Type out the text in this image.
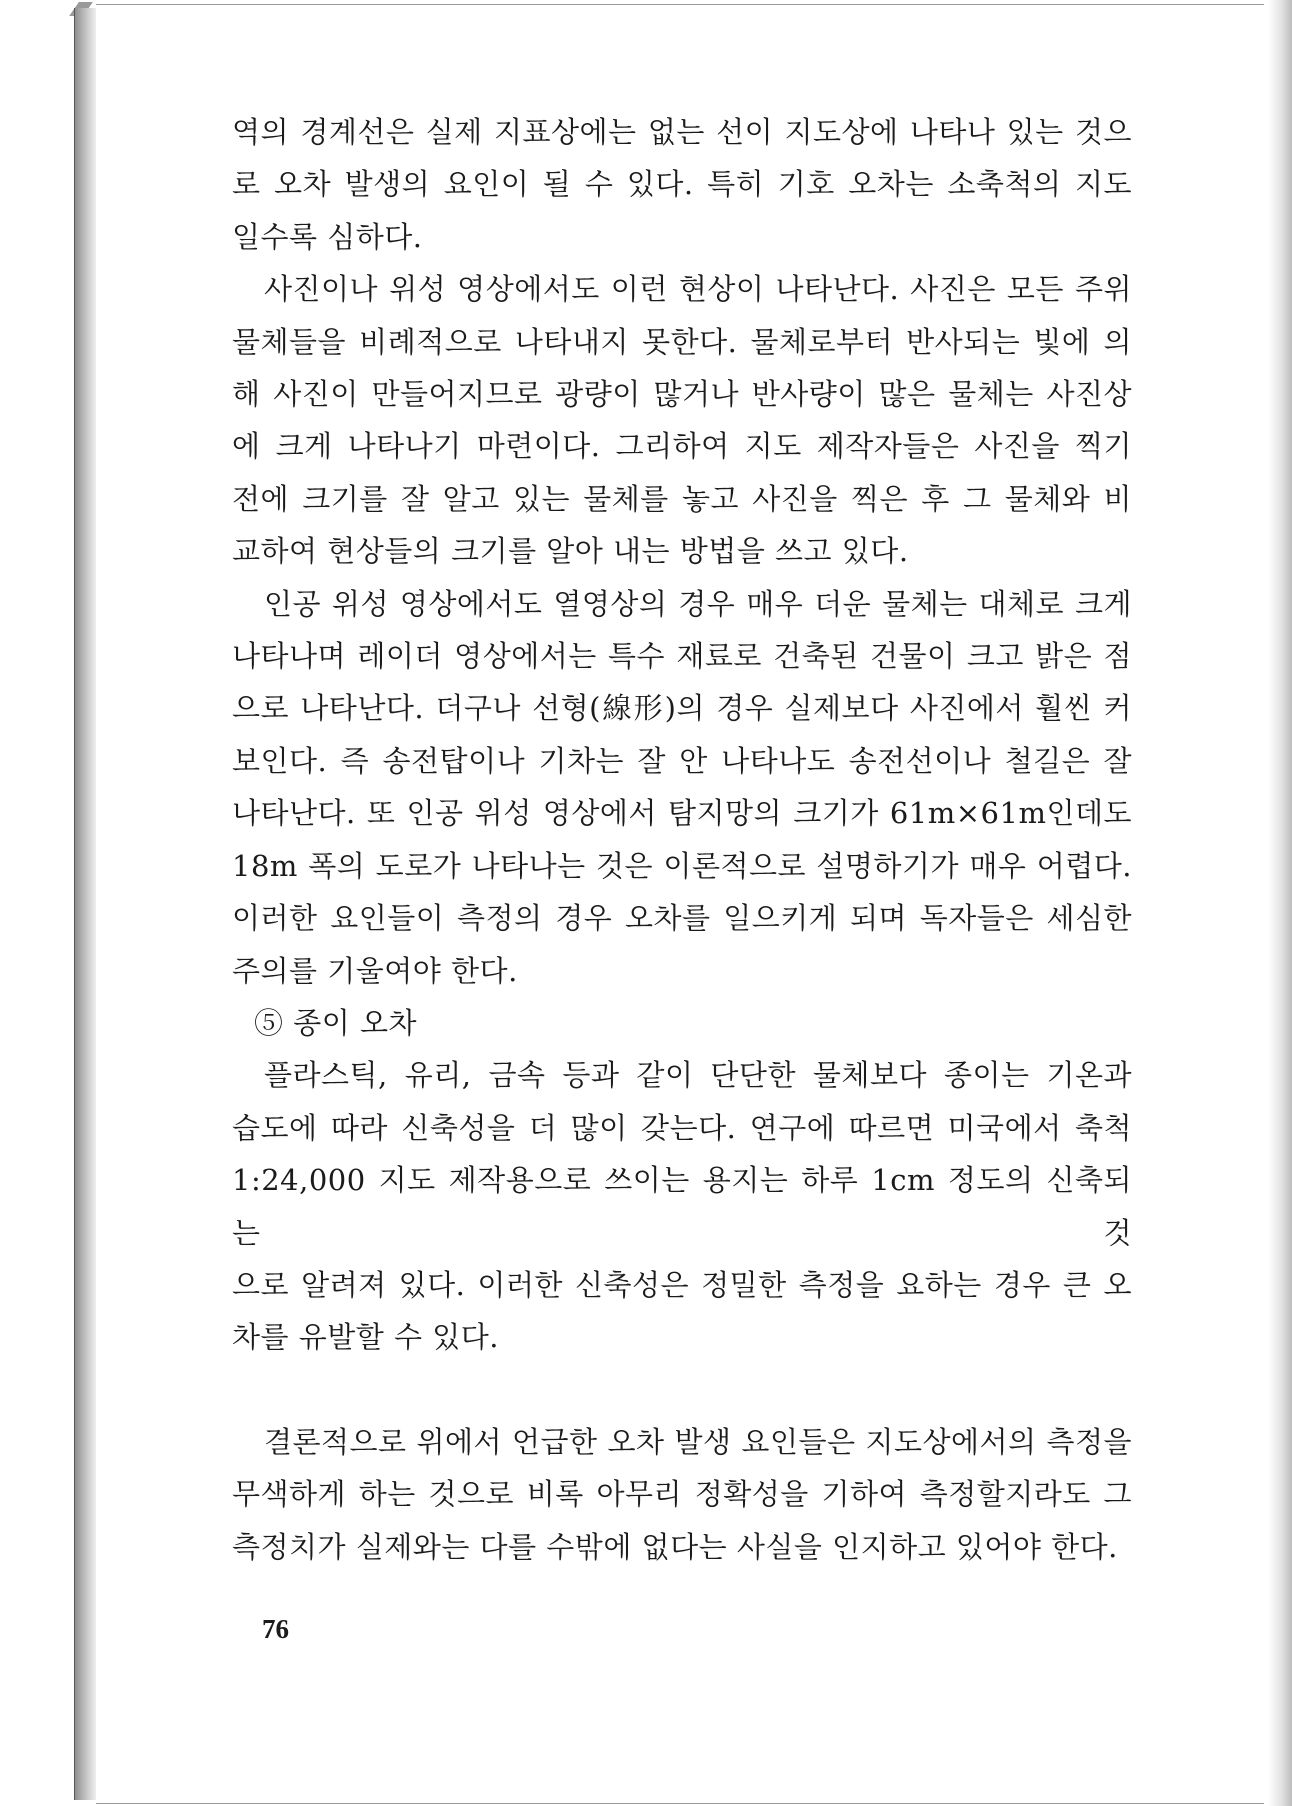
역의 경계선은 실제 지표상에는 없는 선이 지도상에 나타나 있는 것으

로 오차 발생의 요인이 될 수 있다. 특히 기호 오차는 소축척의 지도

일수록 심하다.

사진이나 위성 영상에서도 이런 현상이 나타난다. 사진은 모든 주위

물체들을 비례적으로 나타내지 못한다. 물체로부터 반사되는 빛에 의

해 사진이 만들어지므로 광량이 많거나 반사량이 많은 물체는 사진상

에 크게 나타나기 마련이다. 그리하여 지도 제작자들은 사진을 찍기

전에 크기를 잘 알고 있는 물체를 놓고 사진을 찍은 후 그 물체와 비

교하여 현상들의 크기를 알아 내는 방법을 쓰고 있다.

인공 위성 영상에서도 열영상의 경우 매우 더운 물체는 대체로 크게

나타나며 레이더 영상에서는 특수 재료로 건축된 건물이 크고 밝은 점

으로 나타난다. 더구나 선형(線形)의 경우 실제보다 사진에서 훨씬 커

보인다. 즉 송전탑이나 기차는 잘 안 나타나도 송전선이나 철길은 잘

나타난다. 또 인공 위성 영상에서 탐지망의 크기가 61m×61m인데도

18m 폭의 도로가 나타나는 것은 이론적으로 설명하기가 매우 어렵다.

이러한 요인들이 측정의 경우 오차를 일으키게 되며 독자들은 세심한

주의를 기울여야 한다.

⑤ 종이 오차

플라스틱, 유리, 금속 등과 같이 단단한 물체보다 종이는 기온과

습도에 따라 신축성을 더 많이 갖는다. 연구에 따르면 미국에서 축척

1:24,000 지도 제작용으로 쓰이는 용지는 하루 1cm 정도의 신축되는 것

으로 알려져 있다. 이러한 신축성은 정밀한 측정을 요하는 경우 큰 오

차를 유발할 수 있다.

결론적으로 위에서 언급한 오차 발생 요인들은 지도상에서의 측정을

무색하게 하는 것으로 비록 아무리 정확성을 기하여 측정할지라도 그

측정치가 실제와는 다를 수밖에 없다는 사실을 인지하고 있어야 한다.

76
